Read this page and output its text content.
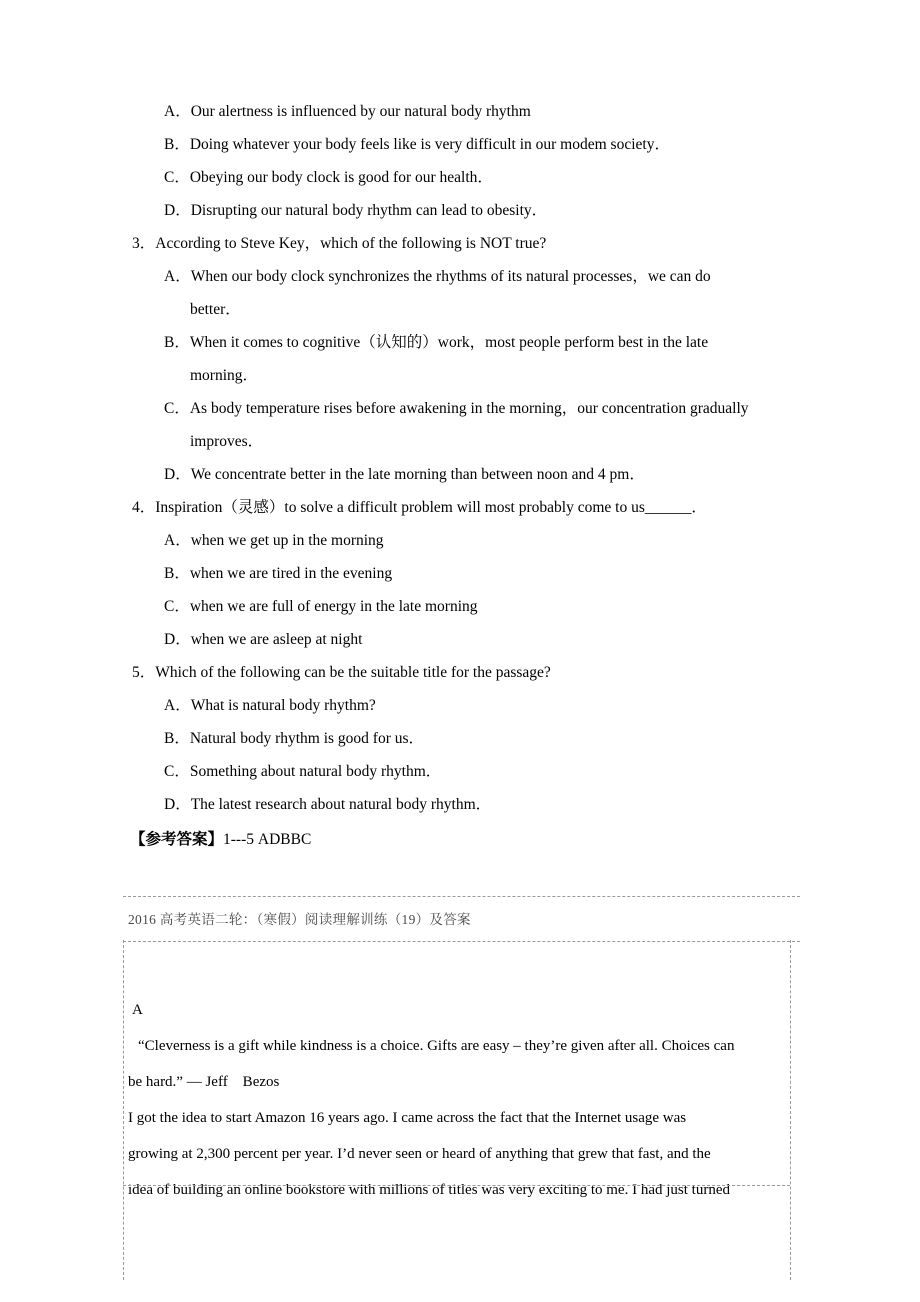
A．Our alertness is influenced by our natural body rhythm
B．Doing whatever your body feels like is very difficult in our modem society．
C．Obeying our body clock is good for our health．
D．Disrupting our natural body rhythm can lead to obesity．
3．According to Steve Key，which of the following is NOT true?
A．When our body clock synchronizes the rhythms of its natural processes，we can do
better．
B．When it comes to cognitive（认知的）work，most people perform best in the late
morning．
C．As body temperature rises before awakening in the morning，our concentration gradually
improves．
D．We concentrate better in the late morning than between noon and 4 pm．
4．Inspiration（灵感）to solve a difficult problem will most probably come to us______．
A．when we get up in the morning
B．when we are tired in the evening
C．when we are full of energy in the late morning
D．when we are asleep at night
5．Which of the following can be the suitable title for the passage?
A．What is natural body rhythm?
B．Natural body rhythm is good for us．
C．Something about natural body rhythm．
D．The latest research about natural body rhythm．
【参考答案】1---5 ADBBC
2016 高考英语二轮：（寒假）阅读理解训练（19）及答案

A

“Cleverness is a gift while kindness is a choice. Gifts are easy – they’re given after all. Choices can

be hard.” — Jeff　Bezos

I got the idea to start Amazon 16 years ago. I came across the fact that the Internet usage was

growing at 2,300 percent per year. I’d never seen or heard of anything that grew that fast, and the

idea of building an online bookstore with millions of titles was very exciting to me. I had just turned
